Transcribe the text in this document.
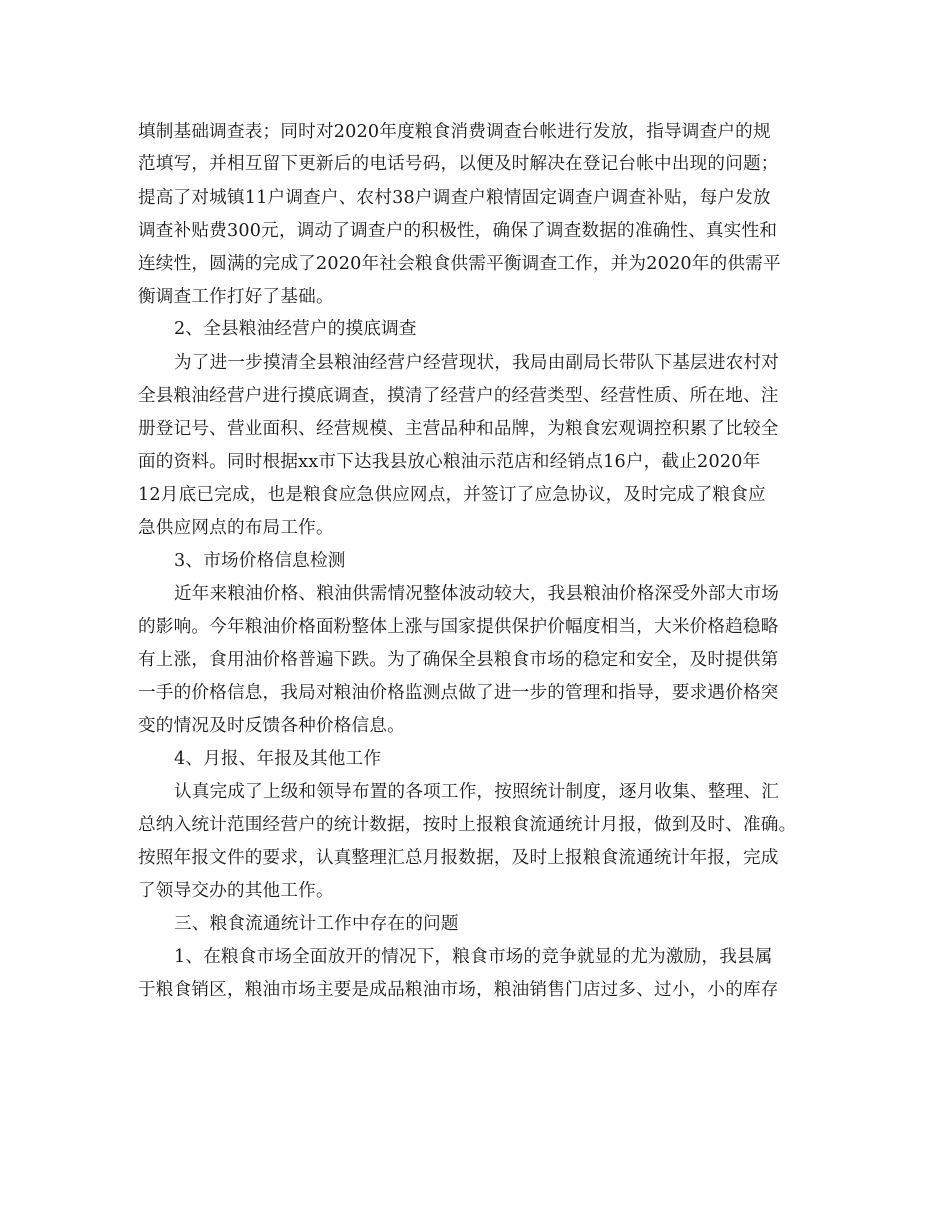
填制基础调查表；同时对2020年度粮食消费调查台帐进行发放，指导调查户的规
范填写，并相互留下更新后的电话号码，以便及时解决在登记台帐中出现的问题；
提高了对城镇11户调查户、农村38户调查户粮情固定调查户调查补贴，每户发放
调查补贴费300元，调动了调查户的积极性，确保了调查数据的准确性、真实性和
连续性，圆满的完成了2020年社会粮食供需平衡调查工作，并为2020年的供需平
衡调查工作打好了基础。
2、全县粮油经营户的摸底调查
为了进一步摸清全县粮油经营户经营现状，我局由副局长带队下基层进农村对
全县粮油经营户进行摸底调查，摸清了经营户的经营类型、经营性质、所在地、注
册登记号、营业面积、经营规模、主营品种和品牌，为粮食宏观调控积累了比较全
面的资料。同时根据xx市下达我县放心粮油示范店和经销点16户，截止2020年
12月底已完成，也是粮食应急供应网点，并签订了应急协议，及时完成了粮食应
急供应网点的布局工作。
3、市场价格信息检测
近年来粮油价格、粮油供需情况整体波动较大，我县粮油价格深受外部大市场
的影响。今年粮油价格面粉整体上涨与国家提供保护价幅度相当，大米价格趋稳略
有上涨，食用油价格普遍下跌。为了确保全县粮食市场的稳定和安全，及时提供第
一手的价格信息，我局对粮油价格监测点做了进一步的管理和指导，要求遇价格突
变的情况及时反馈各种价格信息。
4、月报、年报及其他工作
认真完成了上级和领导布置的各项工作，按照统计制度，逐月收集、整理、汇
总纳入统计范围经营户的统计数据，按时上报粮食流通统计月报，做到及时、准确。
按照年报文件的要求，认真整理汇总月报数据，及时上报粮食流通统计年报，完成
了领导交办的其他工作。
三、粮食流通统计工作中存在的问题
1、在粮食市场全面放开的情况下，粮食市场的竞争就显的尤为激励，我县属
于粮食销区，粮油市场主要是成品粮油市场，粮油销售门店过多、过小，小的库存
